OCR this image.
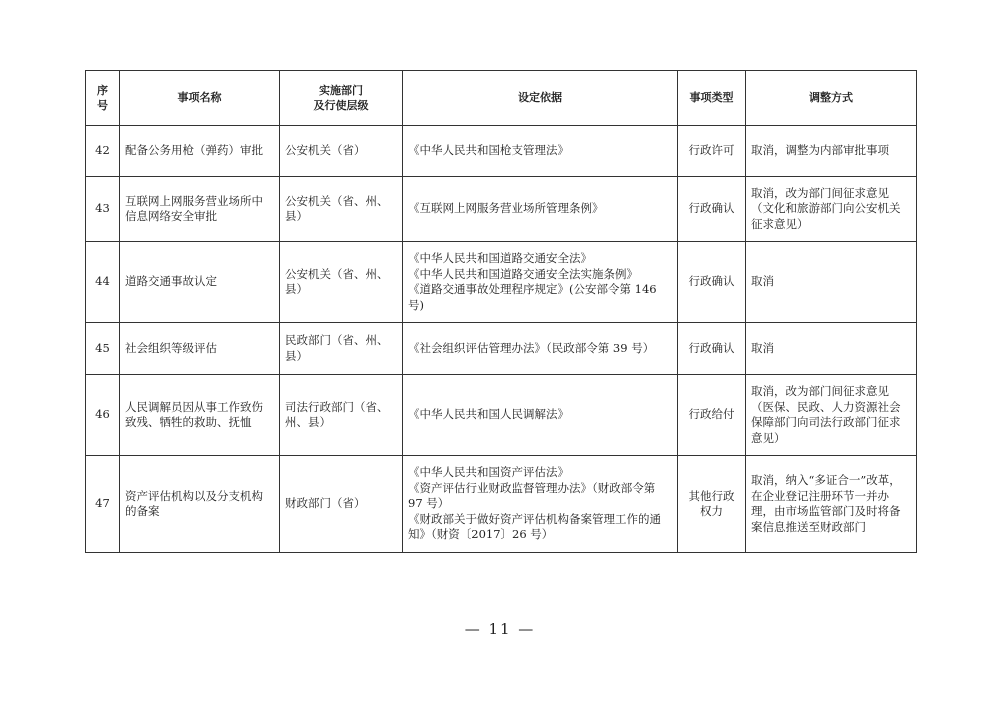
序
号	事项名称	实施部门
及行使层级	设定依据	事项类型	调整方式
42	配备公务用枪（弹药）审批	公安机关（省）	《中华人民共和国枪支管理法》	行政许可	取消，调整为内部审批事项
43	互联网上网服务营业场所中信息网络安全审批	公安机关（省、州、县）	《互联网上网服务营业场所管理条例》	行政确认	取消，改为部门间征求意见（文化和旅游部门向公安机关征求意见）
44	道路交通事故认定	公安机关（省、州、县）	《中华人民共和国道路交通安全法》
《中华人民共和国道路交通安全法实施条例》
《道路交通事故处理程序规定》(公安部令第 146 号)	行政确认	取消
45	社会组织等级评估	民政部门（省、州、县）	《社会组织评估管理办法》（民政部令第 39 号）	行政确认	取消
46	人民调解员因从事工作致伤致残、牺牲的救助、抚恤	司法行政部门（省、州、县）	《中华人民共和国人民调解法》	行政给付	取消，改为部门间征求意见（医保、民政、人力资源社会保障部门向司法行政部门征求意见）
47	资产评估机构以及分支机构的备案	财政部门（省）	《中华人民共和国资产评估法》
《资产评估行业财政监督管理办法》（财政部令第 97 号）
《财政部关于做好资产评估机构备案管理工作的通知》（财资〔2017〕26 号）	其他行政权力	取消，纳入“多证合一”改革，在企业登记注册环节一并办理，由市场监管部门及时将备案信息推送至财政部门
— 11 —
